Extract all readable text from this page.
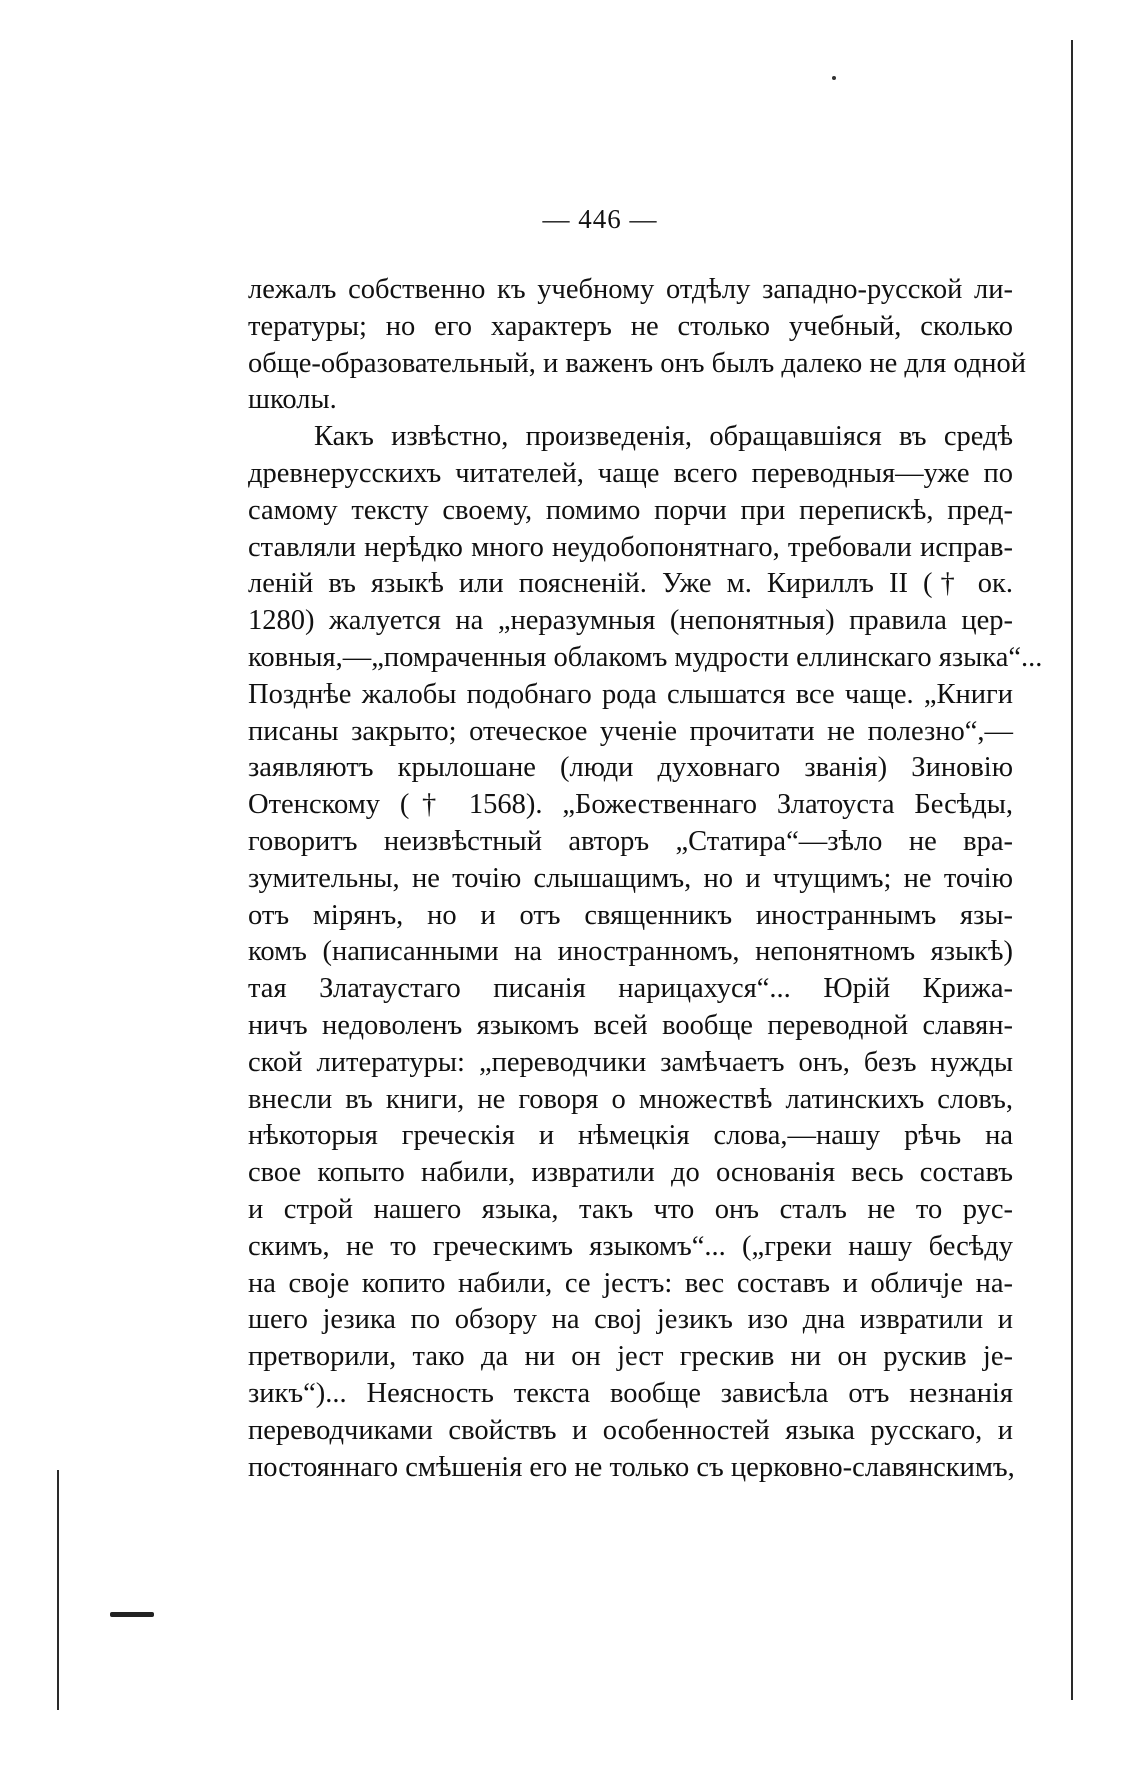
— 446 —
лежалъ собственно къ учебному отдѣлу западно-русской ли-
тературы; но его характеръ не столько учебный, сколько
обще-образовательный, и важенъ онъ былъ далеко не для одной
школы.
Какъ извѣстно, произведенія, обращавшіяся въ средѣ
древнерусскихъ читателей, чаще всего переводныя—уже по
самому тексту своему, помимо порчи при перепискѣ, пред-
ставляли нерѣдко много неудобопонятнаго, требовали исправ-
леній въ языкѣ или поясненій. Уже м. Кириллъ II († ок.
1280) жалуется на „неразумныя (непонятныя) правила цер-
ковныя,—„помраченныя облакомъ мудрости еллинскаго языка“...
Позднѣе жалобы подобнаго рода слышатся все чаще. „Книги
писаны закрыто; отеческое ученіе прочитати не полезно“,—
заявляютъ крылошане (люди духовнаго званія) Зиновію
Отенскому († 1568). „Божественнаго Златоуста Бесѣды,
говоритъ неизвѣстный авторъ „Статира“—зѣло не вра-
зумительны, не точію слышащимъ, но и чтущимъ; не точію
отъ мірянъ, но и отъ священникъ иностраннымъ язы-
комъ (написанными на иностранномъ, непонятномъ языкѣ)
тая Златаустаго писанія нарицахуся“... Юрій Крижа-
ничъ недоволенъ языкомъ всей вообще переводной славян-
ской литературы: „переводчики замѣчаетъ онъ, безъ нужды
внесли въ книги, не говоря о множествѣ латинскихъ словъ,
нѣкоторыя греческія и нѣмецкія слова,—нашу рѣчь на
свое копыто набили, извратили до основанія весь составъ
и строй нашего языка, такъ что онъ сталъ не то рус-
скимъ, не то греческимъ языкомъ“... („греки нашу бесѣду
на своје копито набили, се јестъ: вес составъ и обличје на-
шего језика по обзору на свој језикъ изо дна извратили и
претворили, тако да ни он јест грескив ни он рускив је-
зикъ“)... Неясность текста вообще зависѣла отъ незнанія
переводчиками свойствъ и особенностей языка русскаго, и
постояннаго смѣшенія его не только съ церковно-славянскимъ,
